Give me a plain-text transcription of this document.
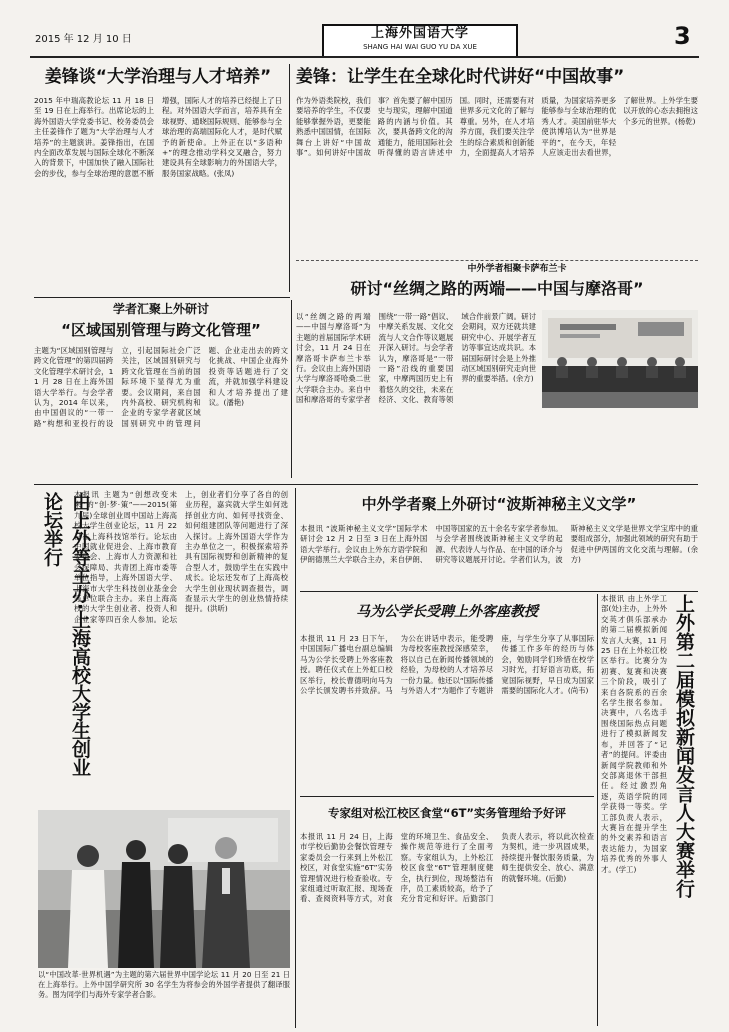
2015 年 12 月 10 日	上海外国语大学
SHANG HAI WAI GUO YU DA XUE	3
姜锋谈“大学治理与人才培养”
2015 年中瑞高教论坛 11 月 18 日至 19 日在上海举行。出席论坛的上海外国语大学党委书记、校务委员会主任姜锋作了题为“大学治理与人才培养”的主题演讲。姜锋指出，在国内全面改革发展与国际全球化不断深入的背景下，中国加快了融入国际社会的步伐，参与全球治理的意愿不断增强，国际人才的培养已经提上了日程。对外国语大学而言，培养具有全球视野、通晓国际规则、能够参与全球治理的高端国际化人才，是时代赋予的新使命。上外正在以“多语种+”的理念推动学科交叉融合，努力建设具有全球影响力的外国语大学，服务国家战略。(张凤)
姜锋：让学生在全球化时代讲好“中国故事”
作为外语类院校，我们要培养的学生，不仅要能够掌握外语，更要能熟悉中国国情，在国际舞台上讲好“中国故事”。如何讲好中国故事？首先要了解中国历史与现实，理解中国道路的内涵与价值。其次，要具备跨文化的沟通能力，能用国际社会听得懂的语言讲述中国。同时，还需要有对世界多元文化的了解与尊重。另外，在人才培养方面，我们要关注学生的综合素质和创新能力，全面提高人才培养质量，为国家培养更多能够参与全球治理的优秀人才。美国前驻华大使洪博培认为“世界是平的”，在今天，年轻人应该走出去看世界，了解世界。上外学生要以开放的心态去拥抱这个多元的世界。(杨乾)
中外学者相聚卡萨布兰卡
研讨“丝绸之路的两端——中国与摩洛哥”
以“丝绸之路的两端——中国与摩洛哥”为主题的首届国际学术研讨会，11 月 24 日在摩洛哥卡萨布兰卡举行。会议由上海外国语大学与摩洛哥哈桑二世大学联合主办。来自中国和摩洛哥的专家学者围绕“一带一路”倡议、中摩关系发展、文化交流与人文合作等议题展开深入研讨。与会学者认为，摩洛哥是“一带一路”沿线的重要国家，中摩两国历史上有着悠久的交往，未来在经济、文化、教育等领域合作前景广阔。研讨会期间，双方还就共建研究中心、开展学者互访等事宜达成共识。本届国际研讨会是上外推动区域国别研究走向世界的重要举措。(余方)
学者汇聚上外研讨
“区域国别管理与跨文化管理”
主题为“区域国别管理与跨文化管理”的第四届跨文化管理学术研讨会，11 月 28 日在上海外国语大学举行。与会学者认为，2014 年以来，由中国倡议的“一带一路”构想和亚投行的设立，引起国际社会广泛关注，区域国别研究与跨文化管理在当前的国际环境下显得尤为重要。会议期间，来自国内外高校、研究机构和企业的专家学者就区域国别研究中的管理问题、企业走出去的跨文化挑战、中国企业海外投资等话题进行了交流，并就加强学科建设和人才培养提出了建议。(潘艳)
由上外等主办·上海高校大学生创业论坛举行	本报讯 主题为“创想改变未来”的“创·梦·策”——2015(第九届)全球创业周中国站上海高校大学生创业论坛，11 月 22 日在上海科技馆举行。论坛由中国就业促进会、上海市教育委员会、上海市人力资源和社会保障局、共青团上海市委等单位指导，上海外国语大学、上海市大学生科技创业基金会等单位联合主办。来自上海高校的大学生创业者、投资人和企业家等四百余人参加。论坛上，创业者们分享了各自的创业历程，嘉宾就大学生如何选择创业方向、如何寻找资金、如何组建团队等问题进行了深入探讨。上海外国语大学作为主办单位之一，积极探索培养具有国际视野和创新精神的复合型人才，鼓励学生在实践中成长。论坛还发布了上海高校大学生创业现状调查报告，调查显示大学生的创业热情持续提升。(洪昕)
以“中国改革·世界机遇”为主题的第六届世界中国学论坛 11 月 20 日至 21 日在上海举行。上外中国学研究所 30 名学生为将参会的外国学者提供了翻译服务。图为同学们与海外专家学者合影。
中外学者聚上外研讨“波斯神秘主义文学”
本报讯 “波斯神秘主义文学”国际学术研讨会 12 月 2 日至 3 日在上海外国语大学举行。会议由上外东方语学院和伊朗德黑兰大学联合主办，来自伊朗、中国等国家的五十余名专家学者参加。与会学者围绕波斯神秘主义文学的起源、代表诗人与作品、在中国的译介与研究等议题展开讨论。学者们认为，波斯神秘主义文学是世界文学宝库中的重要组成部分，加强此领域的研究有助于促进中伊两国的文化交流与理解。(余方)
马为公学长受聘上外客座教授
本报讯 11 月 23 日下午，中国国际广播电台副总编辑马为公学长受聘上外客座教授。聘任仪式在上外虹口校区举行，校长曹德明向马为公学长颁发聘书并致辞。马为公在讲话中表示，能受聘为母校客座教授深感荣幸，将以自己在新闻传播领域的经验，为母校的人才培养尽一份力量。他还以“国际传播与外语人才”为题作了专题讲座，与学生分享了从事国际传播工作多年的经历与体会，勉励同学们珍惜在校学习时光，打好语言功底，拓宽国际视野，早日成为国家需要的国际化人才。(尚韦)
本报讯 由上外学工部(处)主办，上外外交英才俱乐部承办的第二届模拟新闻发言人大赛，11 月 25 日在上外松江校区举行。比赛分为初赛、复赛和决赛三个阶段，吸引了来自各院系的百余名学生报名参加。决赛中，八名选手围绕国际热点问题进行了模拟新闻发布，并回答了“记者”的提问。评委由新闻学院教师和外交部离退休干部担任。经过激烈角逐，英语学院的同学获得一等奖。学工部负责人表示，大赛旨在提升学生的外交素养和语言表达能力，为国家培养优秀的外事人才。(学工)	上外第二届模拟新闻发言人大赛举行
专家组对松江校区食堂“6T”实务管理给予好评
本报讯 11 月 24 日，上海市学校后勤协会餐饮管理专家委员会一行来到上外松江校区，对食堂实施“6T”实务管理情况进行检查验收。专家组通过听取汇报、现场查看、查阅资料等方式，对食堂的环境卫生、食品安全、操作规范等进行了全面考察。专家组认为，上外松江校区食堂“6T”管理制度健全，执行到位，现场整洁有序，员工素质较高，给予了充分肯定和好评。后勤部门负责人表示，将以此次检查为契机，进一步巩固成果，持续提升餐饮服务质量，为师生提供安全、放心、满意的就餐环境。(后勤)
